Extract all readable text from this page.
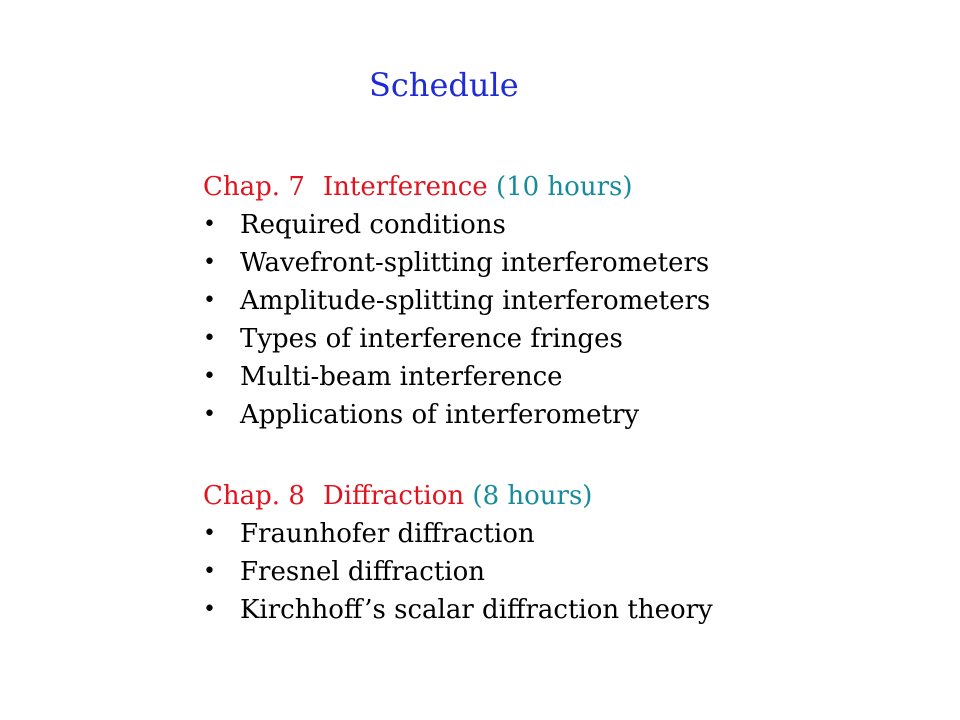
Schedule
Chap. 7 Interference (10 hours)
• Required conditions
• Wavefront-splitting interferometers
• Amplitude-splitting interferometers
• Types of interference fringes
• Multi-beam interference
• Applications of interferometry
Chap. 8 Diffraction (8 hours)
• Fraunhofer diffraction
• Fresnel diffraction
• Kirchhoff’s scalar diffraction theory
